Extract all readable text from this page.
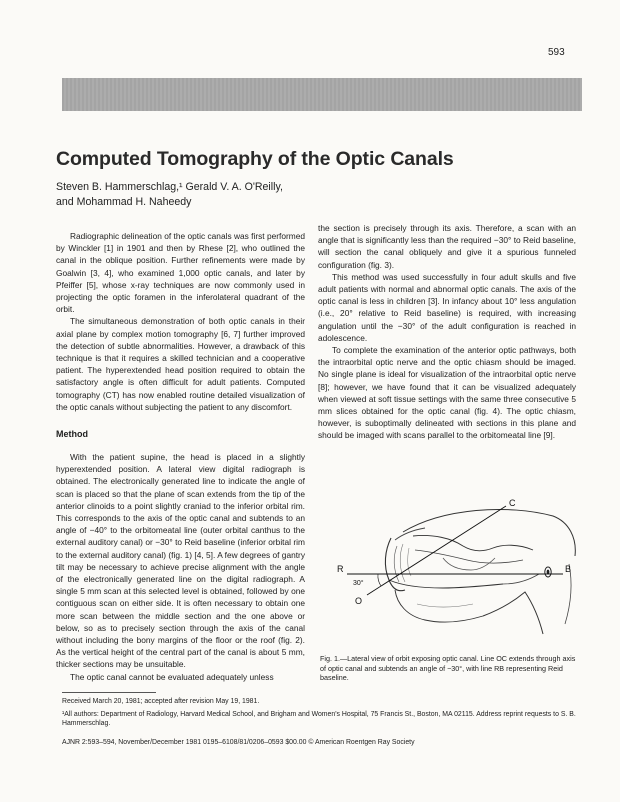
593
Computed Tomography of the Optic Canals
Steven B. Hammerschlag,¹ Gerald V. A. O'Reilly,
and Mohammad H. Naheedy

Radiographic delineation of the optic canals was first performed by Winckler [1] in 1901 and then by Rhese [2], who outlined the canal in the oblique position. Further refinements were made by Goalwin [3, 4], who examined 1,000 optic canals, and later by Pfeiffer [5], whose x-ray techniques are now commonly used in projecting the optic foramen in the inferolateral quadrant of the orbit.

The simultaneous demonstration of both optic canals in their axial plane by complex motion tomography [6, 7] further improved the detection of subtle abnormalities. However, a drawback of this technique is that it requires a skilled technician and a cooperative patient. The hyperextended head position required to obtain the satisfactory angle is often difficult for adult patients. Computed tomography (CT) has now enabled routine detailed visualization of the optic canals without subjecting the patient to any discomfort.

Method

With the patient supine, the head is placed in a slightly hyperextended position. A lateral view digital radiograph is obtained. The electronically generated line to indicate the angle of scan is placed so that the plane of scan extends from the tip of the anterior clinoids to a point slightly craniad to the inferior orbital rim. This corresponds to the axis of the optic canal and subtends to an angle of −40° to the orbitomeatal line (outer orbital canthus to the external auditory canal) or −30° to Reid baseline (inferior orbital rim to the external auditory canal) (fig. 1) [4, 5]. A few degrees of gantry tilt may be necessary to achieve precise alignment with the angle of the electronically generated line on the digital radiograph. A single 5 mm scan at this selected level is obtained, followed by one contiguous scan on either side. It is often necessary to obtain one more scan between the middle section and the one above or below, so as to precisely section through the axis of the canal without including the bony margins of the floor or the roof (fig. 2). As the vertical height of the central part of the canal is about 5 mm, thicker sections may be unsuitable.

The optic canal cannot be evaluated adequately unless

the section is precisely through its axis. Therefore, a scan with an angle that is significantly less than the required −30° to Reid baseline, will section the canal obliquely and give it a spurious funneled configuration (fig. 3).

This method was used successfully in four adult skulls and five adult patients with normal and abnormal optic canals. The axis of the optic canal is less in children [3]. In infancy about 10° less angulation (i.e., 20° relative to Reid baseline) is required, with increasing angulation until the −30° of the adult configuration is reached in adolescence.

To complete the examination of the anterior optic pathways, both the intraorbital optic nerve and the optic chiasm should be imaged. No single plane is ideal for visualization of the intraorbital optic nerve [8]; however, we have found that it can be visualized adequately when viewed at soft tissue settings with the same three consecutive 5 mm slices obtained for the optic canal (fig. 4). The optic chiasm, however, is suboptimally delineated with sections in this plane and should be imaged with scans parallel to the orbitomeatal line [9].

R	B
C
O
30°
Fig. 1.—Lateral view of orbit exposing optic canal. Line OC extends through axis of optic canal and subtends an angle of −30°, with line RB representing Reid baseline.
Received March 20, 1981; accepted after revision May 19, 1981.
¹All authors: Department of Radiology, Harvard Medical School, and Brigham and Women's Hospital, 75 Francis St., Boston, MA 02115. Address reprint requests to S. B. Hammerschlag.
AJNR 2:593–594, November/December 1981 0195–6108/81/0206–0593 $00.00 © American Roentgen Ray Society
